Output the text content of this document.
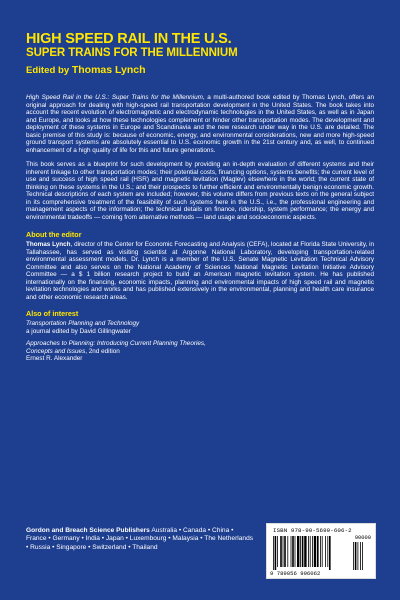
HIGH SPEED RAIL IN THE U.S.
SUPER TRAINS FOR THE MILLENNIUM
Edited by Thomas Lynch

High Speed Rail in the U.S.: Super Trains for the Millennium, a multi-authored book edited by Thomas Lynch, offers an original approach for dealing with high-speed rail transportation development in the United States. The book takes into account the recent evolution of electromagnetic and electrodynamic technologies in the United States, as well as in Japan and Europe, and looks at how these technologies complement or hinder other transportation modes. The development and deployment of these systems in Europe and Scandinavia and the new research under way in the U.S. are detailed. The basic premise of this study is: because of economic, energy, and environmental considerations, new and more high-speed ground transport systems are absolutely essential to U.S. economic growth in the 21st century and, as well, to continued enhancement of a high quality of life for this and future generations.

This book serves as a blueprint for such development by providing an in-depth evaluation of different systems and their inherent linkage to other transportation modes; their potential costs, financing options, systems benefits; the current level of use and success of high speed rail (HSR) and magnetic levitation (Maglev) elsewhere in the world; the current state of thinking on these systems in the U.S.; and their prospects to further efficient and environmentally benign economic growth. Technical descriptions of each system are included; however, this volume differs from previous texts on the general subject in its comprehensive treatment of the feasibility of such systems here in the U.S., i.e., the professional engineering and management aspects of the information; the technical details on finance, ridership, system performance; the energy and environmental tradeoffs — coming from alternative methods — land usage and socioeconomic aspects.

About the editor

Thomas Lynch, director of the Center for Economic Forecasting and Analysis (CEFA), located at Florida State University, in Tallahassee, has served as visiting scientist at Argonne National Laboratory, developing transportation-related environmental assessment models. Dr. Lynch is a member of the U.S. Senate Magnetic Levitation Technical Advisory Committee and also serves on the National Academy of Sciences National Magnetic Levitation Initiative Advisory Committee — a $ 1 billion research project to build an American magnetic levitation system. He has published internationally on the financing, economic impacts, planning and environmental impacts of high speed rail and magnetic levitation technologies and works and has published extensively in the environmental, planning and health care insurance and other economic research areas.

Also of interest
Transportation Planning and Technology
a journal edited by David Gillingwater
Approaches to Planning: Introducing Current Planning Theories,
Concepts and Issues, 2nd edition
Ernest R. Alexander
Gordon and Breach Science Publishers Australia • Canada • China • France • Germany • India • Japan • Luxembourg • Malaysia • The Netherlands • Russia • Singapore • Switzerland • Thailand
ISBN 978-90-5699-606-2
90000
9 789056 996062
